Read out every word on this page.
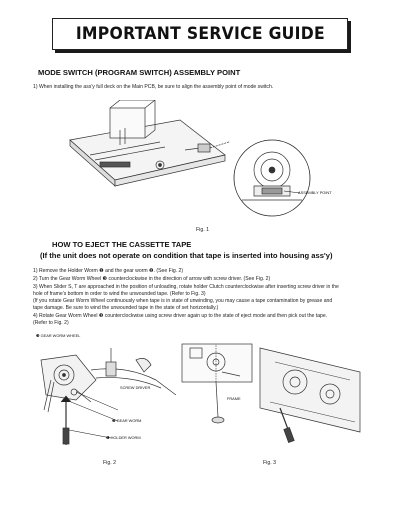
IMPORTANT SERVICE GUIDE
MODE SWITCH (PROGRAM SWITCH) ASSEMBLY POINT
1) When installing the ass'y full deck on the Main PCB, be sure to align the assembly point of mode switch.
ASSEMBLY POINT
Fig. 1
HOW TO EJECT THE CASSETTE TAPE
(If the unit does not operate on condition that tape is inserted into housing ass'y)
1) Remove the Holder Worm ❶ and the gear worm ❷. (See Fig. 2)
2) Turn the Gear Worm Wheel ❸ counterclockwise in the direction of arrow with screw driver. (See Fig. 2)
3) When Slider S, T are approached in the position of unloading, rotate holder Clutch counterclockwise after inserting screw driver in the
hole of frame's bottom in order to wind the unwounded tape. (Refer to Fig. 3)
(If you rotate Gear Worm Wheel continuously when tape is in state of unwinding, you may cause a tape contamination by grease and
tape damage. Be sure to wind the unwounded tape in the state of set horizontally.)
4) Rotate Gear Worm Wheel ❸ counterclockwise using screw driver again up to the state of eject mode and then pick out the tape.
(Refer to Fig. 2)
❸ GEAR WORM WHEEL
SCREW DRIVER
❷ GEAR WORM
❶ HOLDER WORM
FRAME
Fig. 2	Fig. 3
